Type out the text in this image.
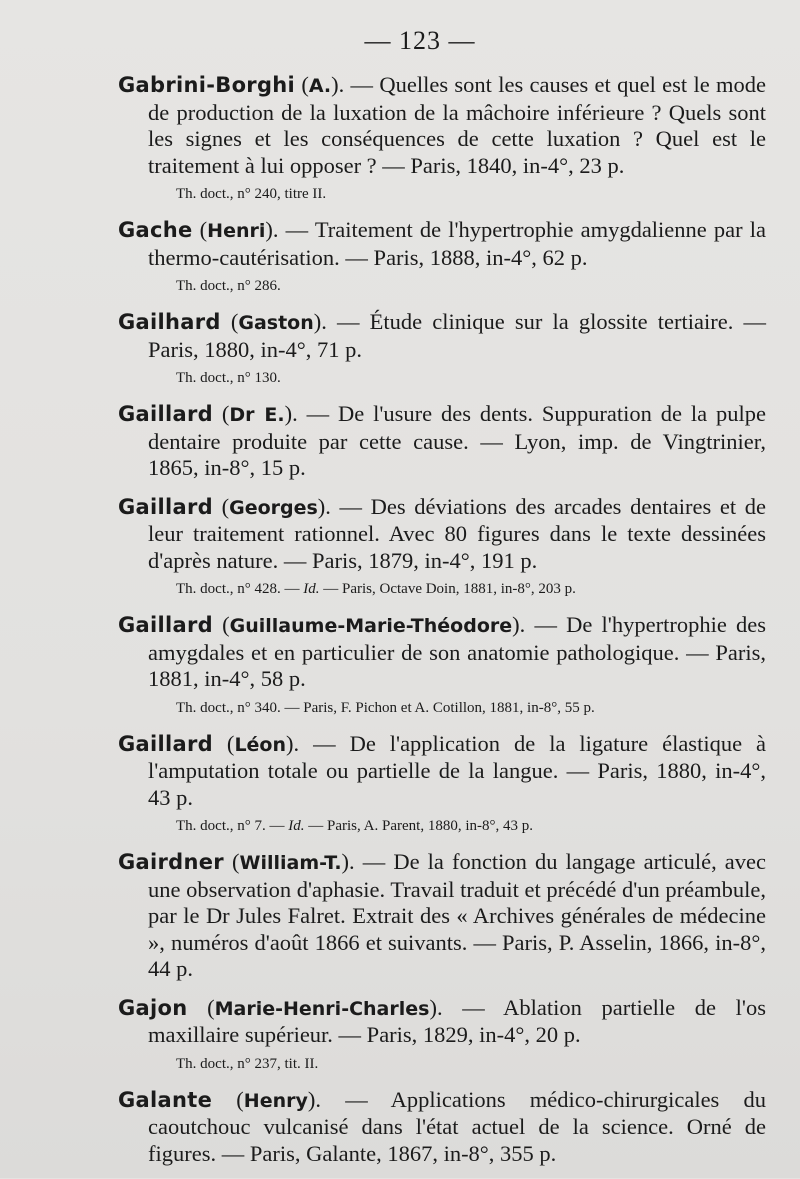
— 123 —

Gabrini-Borghi (A.). — Quelles sont les causes et quel est le mode de production de la luxation de la mâchoire inférieure ? Quels sont les signes et les conséquences de cette luxation ? Quel est le traitement à lui opposer ? — Paris, 1840, in-4°, 23 p.

Th. doct., n° 240, titre II.

Gache (Henri). — Traitement de l'hypertrophie amygdalienne par la thermo-cautérisation. — Paris, 1888, in-4°, 62 p.

Th. doct., n° 286.

Gailhard (Gaston). — Étude clinique sur la glossite tertiaire. — Paris, 1880, in-4°, 71 p.

Th. doct., n° 130.

Gaillard (Dr E.). — De l'usure des dents. Suppuration de la pulpe dentaire produite par cette cause. — Lyon, imp. de Vingtrinier, 1865, in-8°, 15 p.

Gaillard (Georges). — Des déviations des arcades dentaires et de leur traitement rationnel. Avec 80 figures dans le texte dessinées d'après nature. — Paris, 1879, in-4°, 191 p.

Th. doct., n° 428. — Id. — Paris, Octave Doin, 1881, in-8°, 203 p.

Gaillard (Guillaume-Marie-Théodore). — De l'hypertrophie des amygdales et en particulier de son anatomie pathologique. — Paris, 1881, in-4°, 58 p.

Th. doct., n° 340. — Paris, F. Pichon et A. Cotillon, 1881, in-8°, 55 p.

Gaillard (Léon). — De l'application de la ligature élastique à l'amputation totale ou partielle de la langue. — Paris, 1880, in-4°, 43 p.

Th. doct., n° 7. — Id. — Paris, A. Parent, 1880, in-8°, 43 p.

Gairdner (William-T.). — De la fonction du langage articulé, avec une observation d'aphasie. Travail traduit et précédé d'un préambule, par le Dr Jules Falret. Extrait des « Archives générales de médecine », numéros d'août 1866 et suivants. — Paris, P. Asselin, 1866, in-8°, 44 p.

Gajon (Marie-Henri-Charles). — Ablation partielle de l'os maxillaire supérieur. — Paris, 1829, in-4°, 20 p.

Th. doct., n° 237, tit. II.

Galante (Henry). — Applications médico-chirurgicales du caoutchouc vulcanisé dans l'état actuel de la science. Orné de figures. — Paris, Galante, 1867, in-8°, 355 p.
